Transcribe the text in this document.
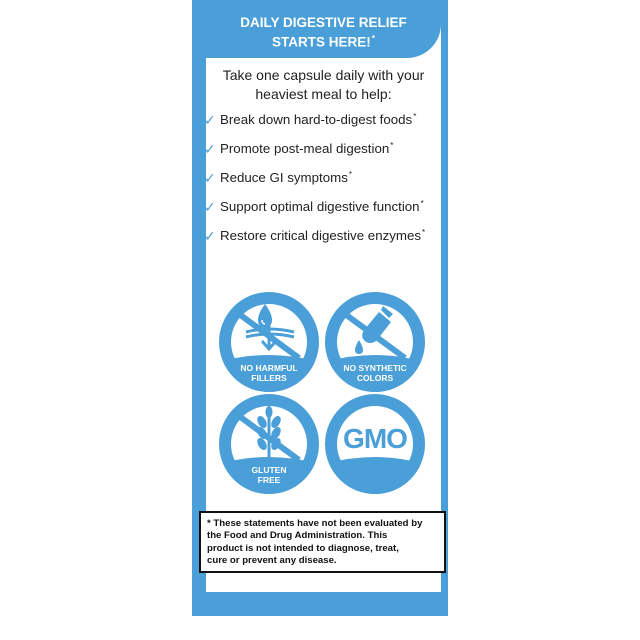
DAILY DIGESTIVE RELIEF
STARTS HERE!*
Take one capsule daily with your
heaviest meal to help:
✓ Break down hard-to-digest foods *
✓ Promote post-meal digestion *
✓ Reduce GI symptoms *
✓ Support optimal digestive function *
✓ Restore critical digestive enzymes *
NO HARMFUL
FILLERS
NO SYNTHETIC
COLORS
GLUTEN
FREE
GMO
* These statements have not been evaluated by
the Food and Drug Administration. This
product is not intended to diagnose, treat,
cure or prevent any disease.
